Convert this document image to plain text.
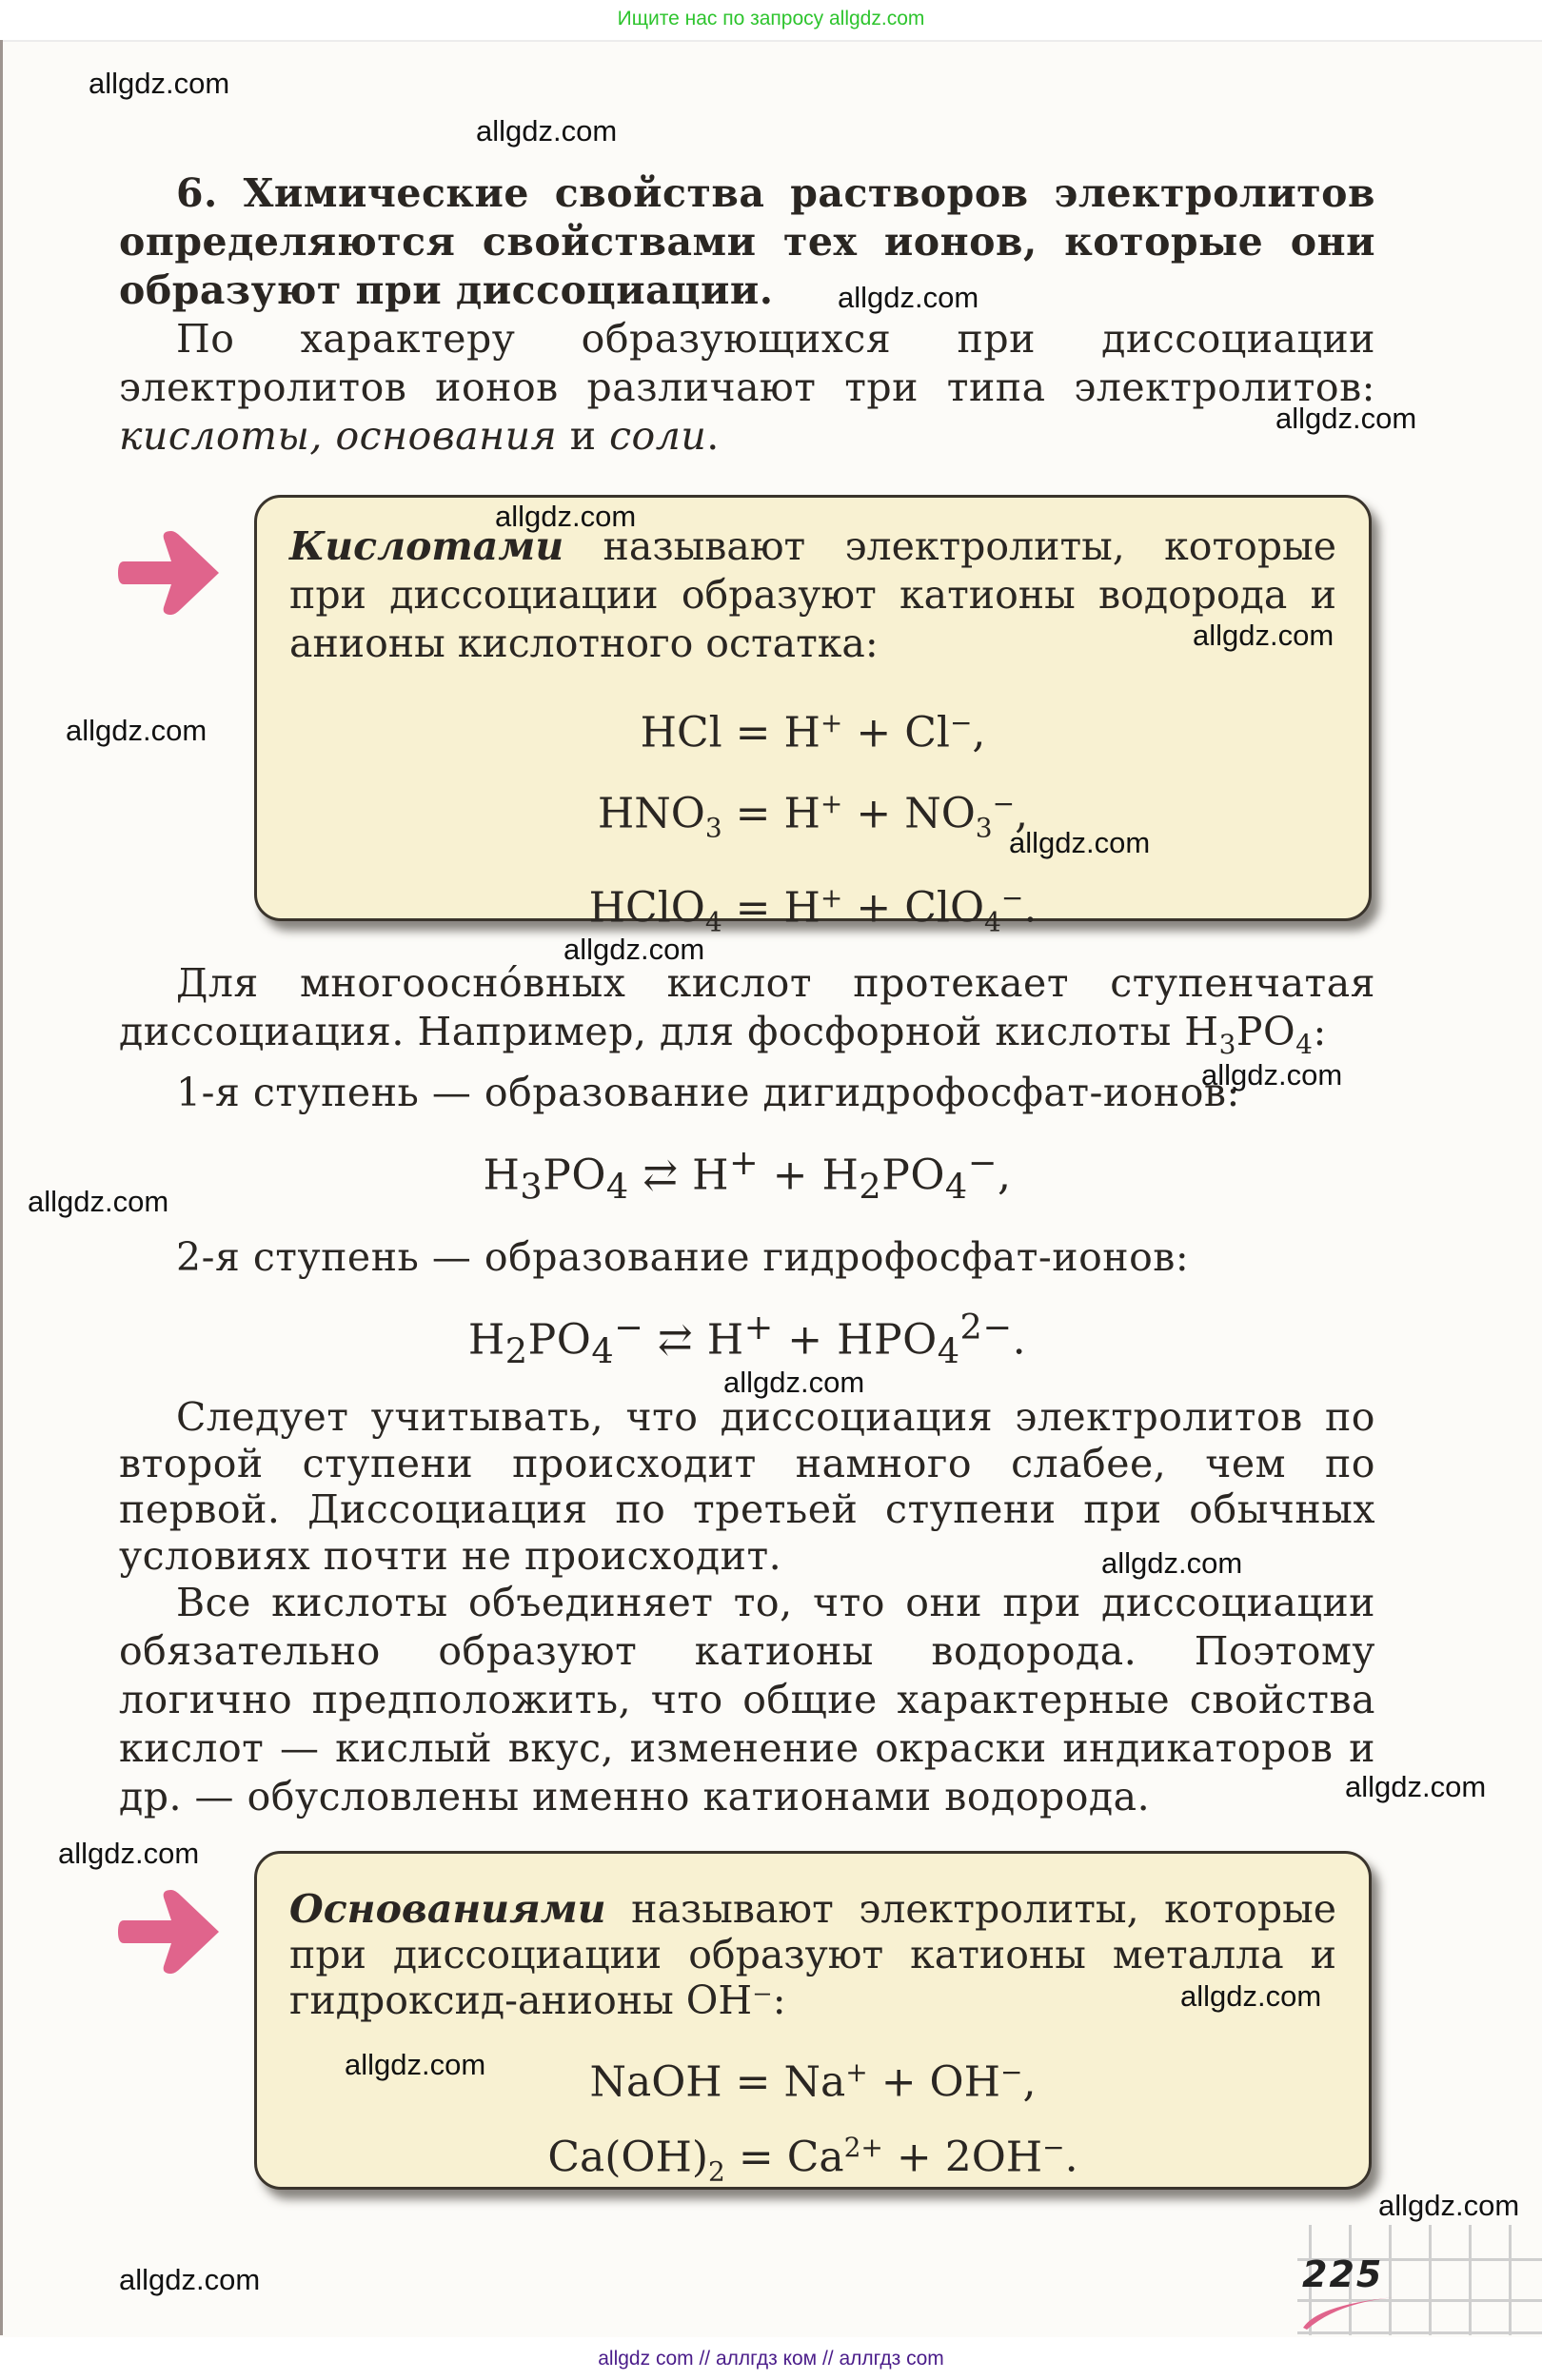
Ищите нас по запросу allgdz.com

6. Химические свойства растворов электролитов определяются свойствами тех ионов, которые они образуют при диссоциации.

По характеру образующихся при диссоциации электролитов ионов различают три типа электролитов: кислоты, основания и соли.

Кислотами называют электролиты, которые при диссоциации образуют катионы водорода и анионы кислотного остатка:
HCl = H+ + Cl−,
$HNO_3 = H^+ + NO_3^-$,
HClO$_4$ = H+ + ClO$_4$−.

Для многоосно́вных кислот протекает ступенчатая диссоциация. Например, для фосфорной кислоты $H_3PO_4$:

1-я ступень — образование дигидрофосфат-ионов:

$H_3PO_4$ ⇄ $H^+ + H_2PO_4^-$,

2-я ступень — образование гидрофосфат-ионов:

$H_2PO_4^-$ ⇄ $H^+ + HPO_4^{2-}$.

Следует учитывать, что диссоциация электролитов по второй ступени происходит намного слабее, чем по первой. Диссоциация по третьей ступени при обычных условиях почти не происходит.

Все кислоты объединяет то, что они при диссоциации обязательно образуют катионы водорода. Поэтому логично предположить, что общие характерные свойства кислот — кислый вкус, изменение окраски индикаторов и др. — обусловлены именно катионами водорода.

Основаниями называют электролиты, которые при диссоциации образуют катионы металла и гидроксид-анионы OH⁻:
NaOH = Na+ + OH−,
$Ca(OH)_2 = Ca^{2+} + 2OH^-$.
225
allgdz.com
allgdz.com
allgdz.com
allgdz.com
allgdz.com
allgdz.com
allgdz.com
allgdz.com
allgdz.com
allgdz.com
allgdz.com
allgdz.com
allgdz.com
allgdz.com
allgdz.com
allgdz.com
allgdz.com
allgdz.com
allgdz.com
allgdz com // аллгдз ком // аллгдз com
